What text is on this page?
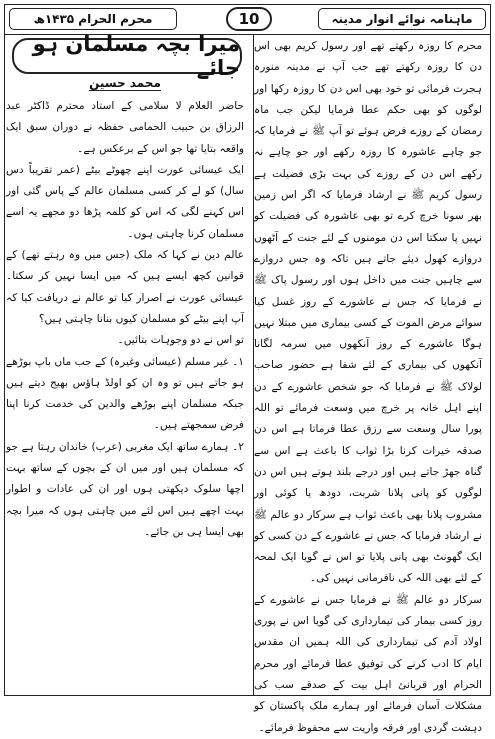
محرم الحرام ۱۴۳۵ھ	10	ماہنامہ نوائے انوار مدینہ

محرم کا روزہ رکھتے تھے اور رسول کریم بھی اس دن کا روزہ رکھتے تھے جب آپ نے مدینہ منورہ ہجرت فرمائی تو خود بھی اس دن کا روزہ رکھا اور لوگوں کو بھی حکم عطا فرمایا لیکن جب ماہ رمضان کے روزے فرض ہوئے تو آپ ﷺ نے فرمایا کہ جو چاہے عاشورہ کا روزہ رکھے اور جو چاہے نہ رکھے اس دن کے روزے کی بہت بڑی فضیلت ہے رسول کریم ﷺ نے ارشاد فرمایا کہ اگر اس زمین بھر سونا خرچ کرے تو بھی عاشورہ کی فضیلت کو نہیں پا سکتا اس دن مومنوں کے لئے جنت کے آٹھوں دروازے کھول دیئے جاتے ہیں تاکہ وہ جس دروازے سے چاہیں جنت میں داخل ہوں اور رسول پاک ﷺ نے فرمایا کہ جس نے عاشورے کے روز غسل کیا سوائے مرض الموت کے کسی بیماری میں مبتلا نہیں ہوگا عاشورے کے روز آنکھوں میں سرمہ لگانا آنکھوں کی بیماری کے لئے شفا ہے حضور صاحب لولاک ﷺ نے فرمایا کہ جو شخص عاشورے کے دن اپنے اہل خانہ پر خرچ میں وسعت فرمائے تو اللہ پورا سال وسعت سے رزق عطا فرماتا ہے اس دن صدقہ خیرات کرنا بڑا ثواب کا باعث ہے اس سے گناہ جھڑ جاتے ہیں اور درجے بلند ہوتے ہیں اس دن لوگوں کو پانی پلانا شربت، دودھ یا کوئی اور مشروب پلانا بھی باعث ثواب ہے سرکار دو عالم ﷺ نے ارشاد فرمایا کہ جس نے عاشورے کے دن کسی کو ایک گھونٹ بھی پانی پلایا تو اس نے گویا ایک لمحہ کے لئے بھی اللہ کی نافرمانی نہیں کی۔

سرکار دو عالم ﷺ نے فرمایا جس نے عاشورے کے روز کسی بیمار کی تیمارداری کی گویا اس نے پوری اولاد آدم کی تیمارداری کی اللہ ہمیں ان مقدس ایام کا ادب کرنے کی توفیق عطا فرمائے اور محرم الحرام اور قربانئ اہل بیت کے صدقے سب کی مشکلات آسان فرمائے اور ہمارے ملک پاکستان کو دہشت گردی اور فرقہ واریت سے محفوظ فرمائے۔

میرا بچہ مسلمان ہو جائے
محمد حسین

حاضر العلام لا سلامی کے استاد محترم ڈاکٹر عبد الرزاق بن حبیب الحمامی حفظہ نے دوران سبق ایک واقعہ بتایا تھا جو اس کے برعکس ہے۔

ایک عیسائی عورت اپنے چھوٹے بیٹے (عمر تقریباً دس سال) کو لے کر کسی مسلمان عالم کے پاس گئی اور اس کہنے لگی کہ اس کو کلمہ پڑھا دو مجھے یہ اسے مسلمان کرنا چاہتی ہوں۔

عالم دین نے کہا کہ ملک (جس میں وہ رہتے تھے) کے قوانین کچھ ایسے ہیں کہ میں ایسا نہیں کر سکتا۔ عیسائی عورت نے اصرار کیا تو عالم نے دریافت کیا کہ آپ اپنے بیٹے کو مسلمان کیوں بنانا چاہتی ہیں؟

تو اس نے دو وجوہات بتائیں۔

۱۔ غیر مسلم (عیسائی وغیرہ) کے جب ماں باپ بوڑھے ہو جاتے ہیں تو وہ ان کو اولڈ ہاؤس بھیج دیتے ہیں جبکہ مسلمان اپنے بوڑھے والدین کی خدمت کرنا اپنا فرض سمجھتے ہیں۔

۲۔ ہمارے ساتھ ایک مغربی (عرب) خاندان رہتا ہے جو کہ مسلمان ہیں اور میں ان کے بچوں کے ساتھ بہت اچھا سلوک دیکھتی ہوں اور ان کی عادات و اطوار بہت اچھے ہیں اس لئے میں چاہتی ہوں کہ میرا بچہ بھی ایسا ہی بن جائے۔
